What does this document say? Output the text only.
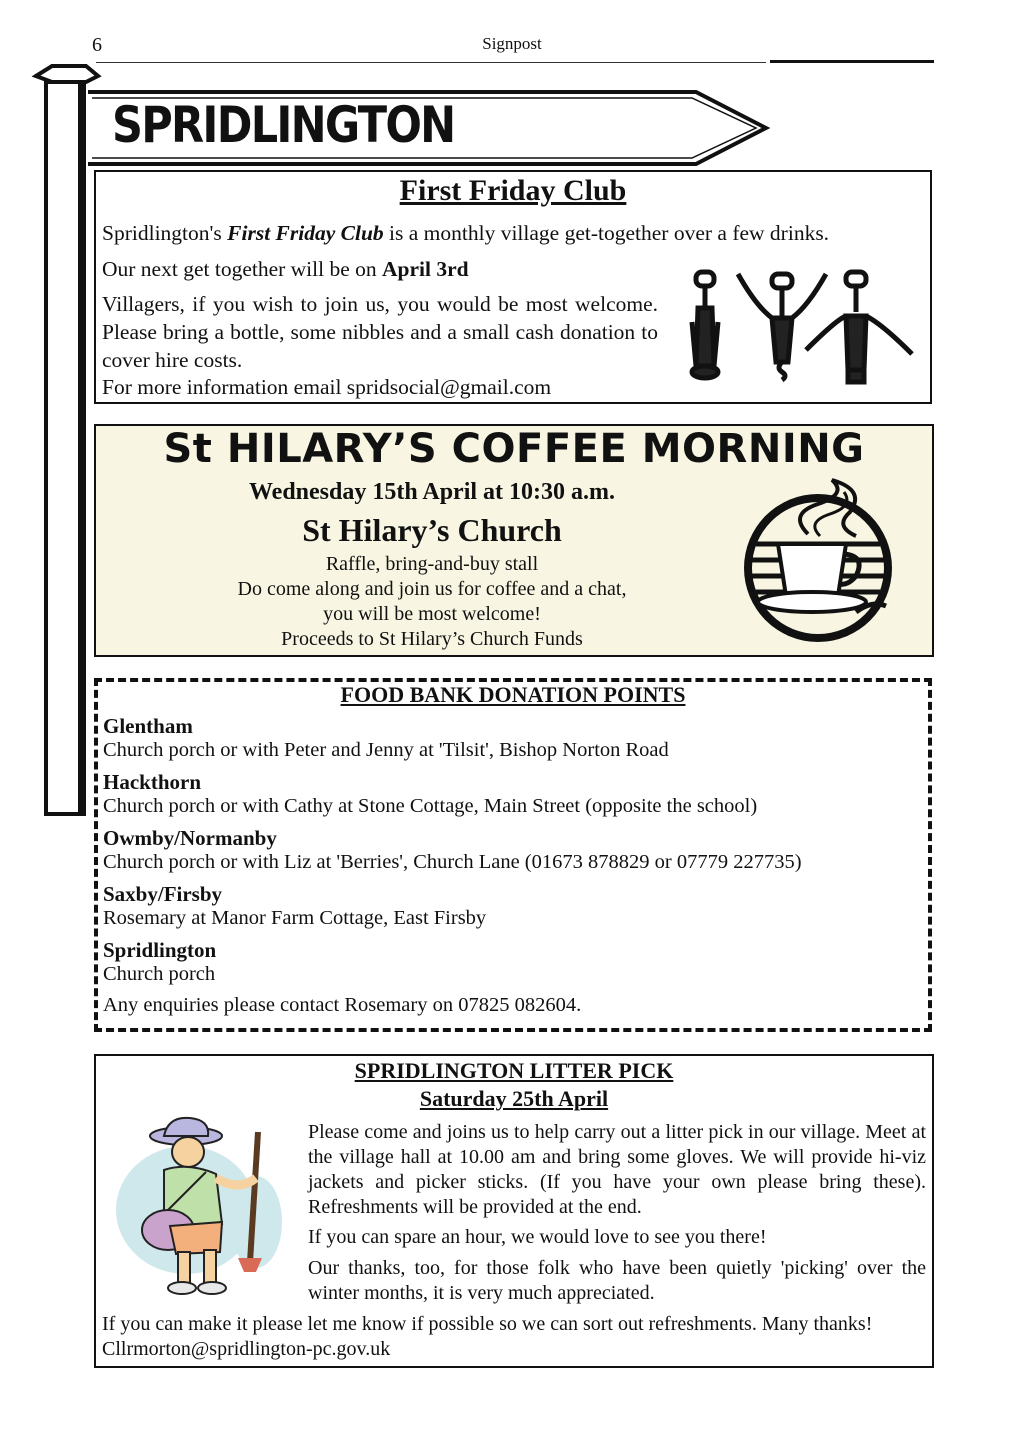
6	Signpost
SPRIDLINGTON
First Friday Club
Spridlington's First Friday Club is a monthly village get-together over a few drinks.
Our next get together will be on April 3rd
Villagers, if you wish to join us, you would be most welcome. Please bring a bottle, some nibbles and a small cash donation to cover hire costs.
For more information email spridsocial@gmail.com
St HILARY’S COFFEE MORNING
Wednesday 15th April at 10:30 a.m.
St Hilary’s Church
Raffle, bring-and-buy stall
Do come along and join us for coffee and a chat,
you will be most welcome!
Proceeds to St Hilary’s Church Funds
FOOD BANK DONATION POINTS
Glentham
Church porch or with Peter and Jenny at 'Tilsit', Bishop Norton Road
Hackthorn
Church porch or with Cathy at Stone Cottage, Main Street (opposite the school)
Owmby/Normanby
Church porch or with Liz at 'Berries', Church Lane (01673 878829 or 07779 227735)
Saxby/Firsby
Rosemary at Manor Farm Cottage, East Firsby
Spridlington
Church porch
Any enquiries please contact Rosemary on 07825 082604.
SPRIDLINGTON LITTER PICK
Saturday 25th April
Please come and joins us to help carry out a litter pick in our village. Meet at the village hall at 10.00 am and bring some gloves. We will provide hi-viz jackets and picker sticks. (If you have your own please bring these). Refreshments will be provided at the end.
If you can spare an hour, we would love to see you there!
Our thanks, too, for those folk who have been quietly 'picking' over the winter months, it is very much appreciated.
If you can make it please let me know if possible so we can sort out refreshments. Many thanks!
Cllrmorton@spridlington-pc.gov.uk
